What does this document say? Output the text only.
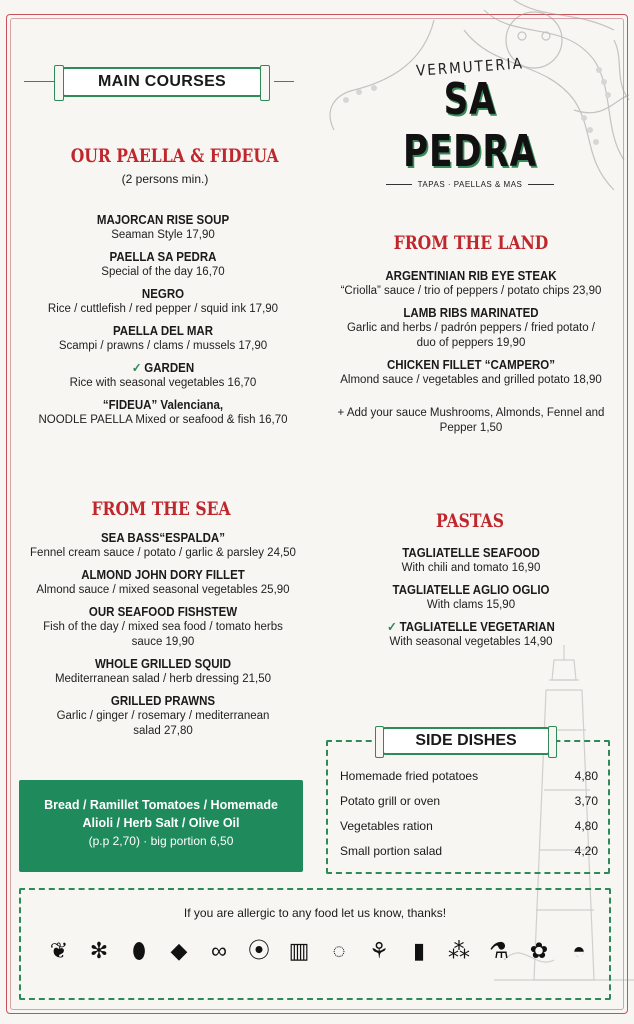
MAIN COURSES
VERMUTERIA
SA PEDRA
TAPAS · PAELLAS & MAS
OUR PAELLA & FIDEUA
(2 persons min.)
MAJORCAN RISE SOUP
Seaman Style 17,90
PAELLA SA PEDRA
Special of the day 16,70
NEGRO
Rice / cuttlefish / red pepper / squid ink 17,90
PAELLA DEL MAR
Scampi / prawns / clams / mussels 17,90
✓ GARDEN
Rice with seasonal vegetables 16,70
“FIDEUA” Valenciana,
NOODLE PAELLA Mixed or seafood & fish 16,70
FROM THE SEA
SEA BASS“ESPALDA”
Fennel cream sauce / potato / garlic & parsley 24,50
ALMOND JOHN DORY FILLET
Almond sauce / mixed seasonal vegetables 25,90
OUR SEAFOOD FISHSTEW
Fish of the day / mixed sea food / tomato herbs sauce 19,90
WHOLE GRILLED SQUID
Mediterranean salad / herb dressing 21,50
GRILLED PRAWNS
Garlic / ginger / rosemary / mediterranean salad 27,80
Bread / Ramillet Tomatoes / Homemade Alioli / Herb Salt / Olive Oil
(p.p 2,70) · big portion 6,50
FROM THE LAND
ARGENTINIAN RIB EYE STEAK
“Criolla” sauce / trio of peppers / potato chips 23,90
LAMB RIBS MARINATED
Garlic and herbs / padrón peppers / fried potato / duo of peppers 19,90
CHICKEN FILLET “CAMPERO”
Almond sauce / vegetables and grilled potato 18,90
+ Add your sauce Mushrooms, Almonds, Fennel and Pepper 1,50
PASTAS
TAGLIATELLE SEAFOOD
With chili and tomato 16,90
TAGLIATELLE AGLIO OGLIO
With clams 15,90
✓ TAGLIATELLE VEGETARIAN
With seasonal vegetables 14,90
SIDE DISHES
Homemade fried potatoes	4,80
Potato grill or oven	3,70
Vegetables ration	4,80
Small portion salad	4,20
If you are allergic to any food let us know, thanks!
❦ ✻	⬮	◆	∞ ⦿ ▥	◌	⚘	▮	⁂ ⚗ ✿	◓
